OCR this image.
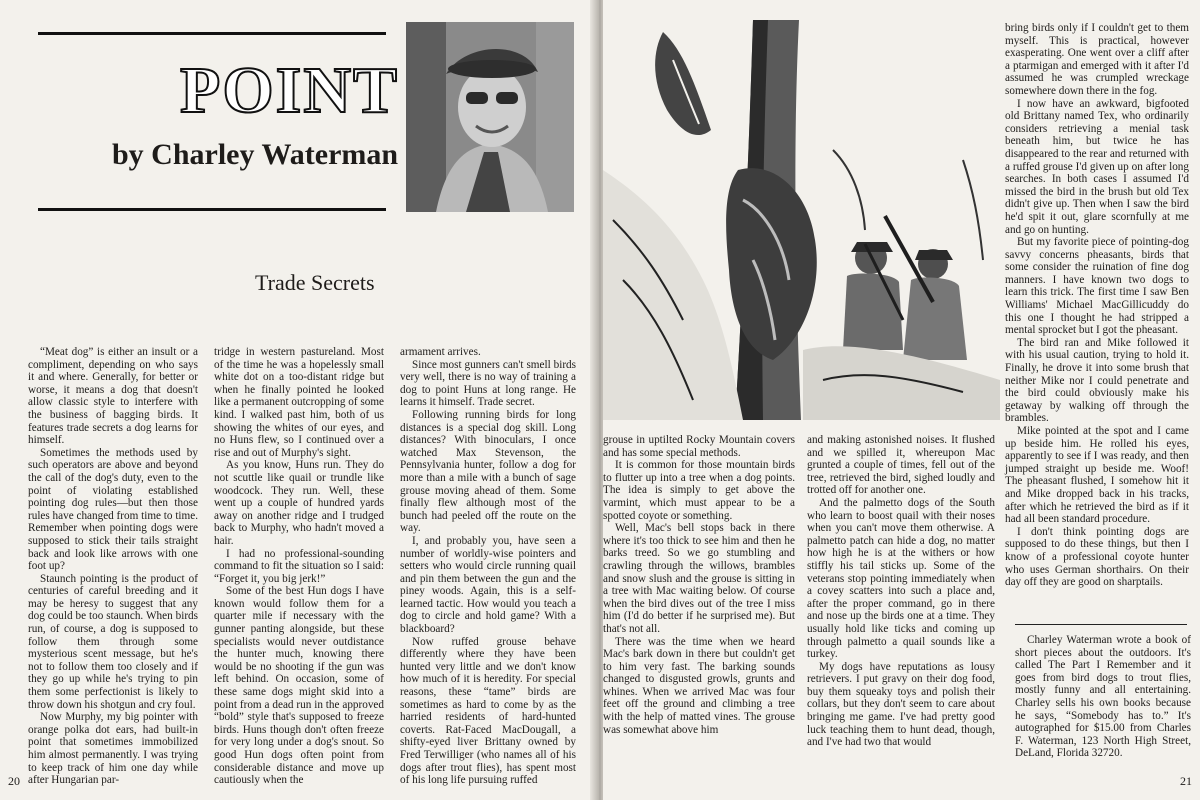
POINT
by Charley Waterman
Trade Secrets

“Meat dog” is either an insult or a compliment, depending on who says it and where. Generally, for better or worse, it means a dog that doesn't allow classic style to interfere with the business of bagging birds. It features trade secrets a dog learns for himself.

Sometimes the methods used by such operators are above and beyond the call of the dog's duty, even to the point of violating established pointing dog rules—but then those rules have changed from time to time. Remember when pointing dogs were supposed to stick their tails straight back and look like arrows with one foot up?

Staunch pointing is the product of centuries of careful breeding and it may be heresy to suggest that any dog could be too staunch. When birds run, of course, a dog is supposed to follow them through some mysterious scent message, but he's not to follow them too closely and if they go up while he's trying to pin them some perfectionist is likely to throw down his shotgun and cry foul.

Now Murphy, my big pointer with orange polka dot ears, had built-in point that sometimes immobilized him almost permanently. I was trying to keep track of him one day while after Hungarian par-

tridge in western pastureland. Most of the time he was a hopelessly small white dot on a too-distant ridge but when he finally pointed he looked like a permanent outcropping of some kind. I walked past him, both of us showing the whites of our eyes, and no Huns flew, so I continued over a rise and out of Murphy's sight.

As you know, Huns run. They do not scuttle like quail or trundle like woodcock. They run. Well, these went up a couple of hundred yards away on another ridge and I trudged back to Murphy, who hadn't moved a hair.

I had no professional-sounding command to fit the situation so I said: “Forget it, you big jerk!”

Some of the best Hun dogs I have known would follow them for a quarter mile if necessary with the gunner panting alongside, but these specialists would never outdistance the hunter much, knowing there would be no shooting if the gun was left behind. On occasion, some of these same dogs might skid into a point from a dead run in the approved “bold” style that's supposed to freeze birds. Huns though don't often freeze for very long under a dog's snout. So good Hun dogs often point from considerable distance and move up cautiously when the

armament arrives.

Since most gunners can't smell birds very well, there is no way of training a dog to point Huns at long range. He learns it himself. Trade secret.

Following running birds for long distances is a special dog skill. Long distances? With binoculars, I once watched Max Stevenson, the Pennsylvania hunter, follow a dog for more than a mile with a bunch of sage grouse moving ahead of them. Some finally flew although most of the bunch had peeled off the route on the way.

I, and probably you, have seen a number of worldly-wise pointers and setters who would circle running quail and pin them between the gun and the piney woods. Again, this is a self-learned tactic. How would you teach a dog to circle and hold game? With a blackboard?

Now ruffed grouse behave differently where they have been hunted very little and we don't know how much of it is heredity. For special reasons, these “tame” birds are sometimes as hard to come by as the harried residents of hard-hunted coverts. Rat-Faced MacDougall, a shifty-eyed liver Brittany owned by Fred Terwilliger (who names all of his dogs after trout flies), has spent most of his long life pursuing ruffed

20

grouse in uptilted Rocky Mountain covers and has some special methods.

It is common for those mountain birds to flutter up into a tree when a dog points. The idea is simply to get above the varmint, which must appear to be a spotted coyote or something.

Well, Mac's bell stops back in there where it's too thick to see him and then he barks treed. So we go stumbling and crawling through the willows, brambles and snow slush and the grouse is sitting in a tree with Mac waiting below. Of course when the bird dives out of the tree I miss him (I'd do better if he surprised me). But that's not all.

There was the time when we heard Mac's bark down in there but couldn't get to him very fast. The barking sounds changed to disgusted growls, grunts and whines. When we arrived Mac was four feet off the ground and climbing a tree with the help of matted vines. The grouse was somewhat above him

and making astonished noises. It flushed and we spilled it, whereupon Mac grunted a couple of times, fell out of the tree, retrieved the bird, sighed loudly and trotted off for another one.

And the palmetto dogs of the South who learn to boost quail with their noses when you can't move them otherwise. A palmetto patch can hide a dog, no matter how high he is at the withers or how stiffly his tail sticks up. Some of the veterans stop pointing immediately when a covey scatters into such a place and, after the proper command, go in there and nose up the birds one at a time. They usually hold like ticks and coming up through palmetto a quail sounds like a turkey.

My dogs have reputations as lousy retrievers. I put gravy on their dog food, buy them squeaky toys and polish their collars, but they don't seem to care about bringing me game. I've had pretty good luck teaching them to hunt dead, though, and I've had two that would

bring birds only if I couldn't get to them myself. This is practical, however exasperating. One went over a cliff after a ptarmigan and emerged with it after I'd assumed he was crumpled wreckage somewhere down there in the fog.

I now have an awkward, bigfooted old Brittany named Tex, who ordinarily considers retrieving a menial task beneath him, but twice he has disappeared to the rear and returned with a ruffed grouse I'd given up on after long searches. In both cases I assumed I'd missed the bird in the brush but old Tex didn't give up. Then when I saw the bird he'd spit it out, glare scornfully at me and go on hunting.

But my favorite piece of pointing-dog savvy concerns pheasants, birds that some consider the ruination of fine dog manners. I have known two dogs to learn this trick. The first time I saw Ben Williams' Michael MacGillicuddy do this one I thought he had stripped a mental sprocket but I got the pheasant.

The bird ran and Mike followed it with his usual caution, trying to hold it. Finally, he drove it into some brush that neither Mike nor I could penetrate and the bird could obviously make his getaway by walking off through the brambles.

Mike pointed at the spot and I came up beside him. He rolled his eyes, apparently to see if I was ready, and then jumped straight up beside me. Woof! The pheasant flushed, I somehow hit it and Mike dropped back in his tracks, after which he retrieved the bird as if it had all been standard procedure.

I don't think pointing dogs are supposed to do these things, but then I know of a professional coyote hunter who uses German shorthairs. On their day off they are good on sharptails.

Charley Waterman wrote a book of short pieces about the outdoors. It's called The Part I Remember and it goes from bird dogs to trout flies, mostly funny and all entertaining. Charley sells his own books because he says, “Somebody has to.” It's autographed for $15.00 from Charles F. Waterman, 123 North High Street, DeLand, Florida 32720.

21
